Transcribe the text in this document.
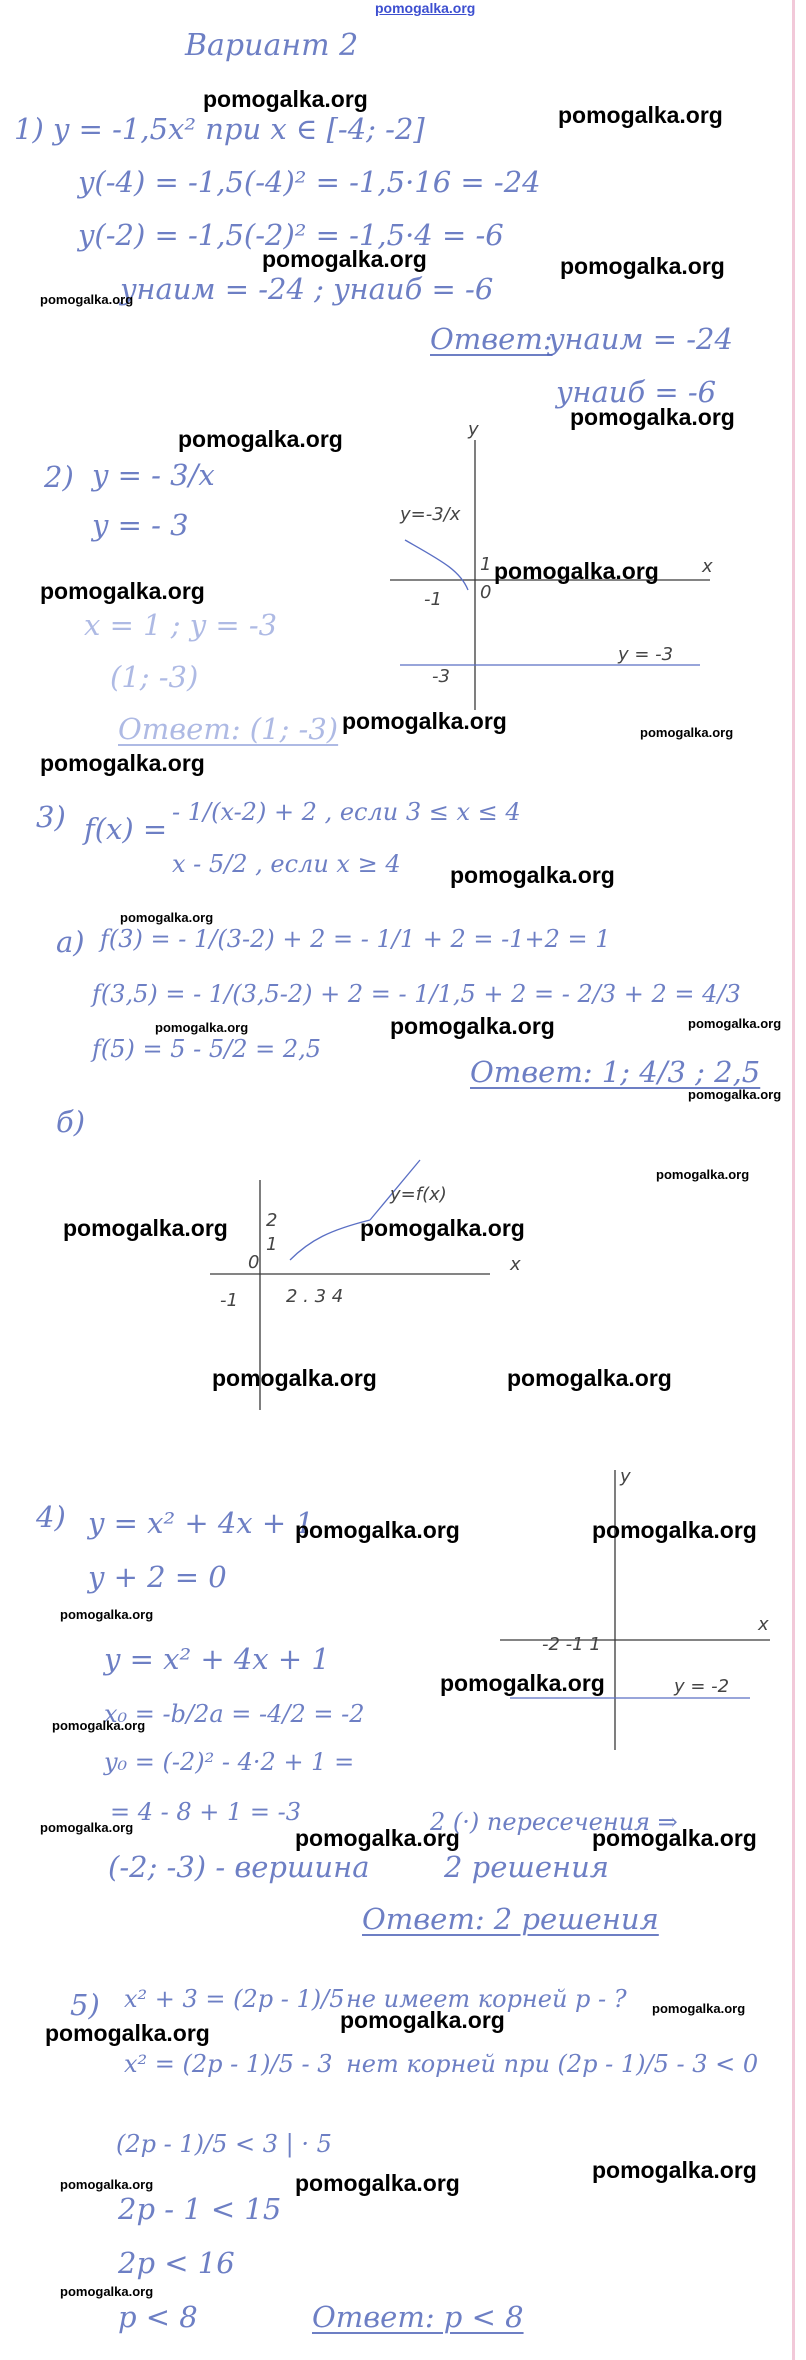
pomogalka.org
Вариант 2
1) y = -1,5x² при x ∈ [-4; -2]
y(-4) = -1,5(-4)² = -1,5·16 = -24
y(-2) = -1,5(-2)² = -1,5·4 = -6
yнаим = -24 ; yнаиб = -6
Ответ:
yнаим = -24
yнаиб = -6
2) y = - 3/x
y = - 3
x = 1 ; y = -3
(1; -3)
Ответ: (1; -3)
y
x
y=-3/x
y = -3
1
-1
-3
0
3) f(x) = - 1/(x-2) + 2 , если 3 ≤ x ≤ 4
x - 5/2 , если x ≥ 4
а) f(3) = - 1/(3-2) + 2 = - 1/1 + 2 = -1+2 = 1
f(3,5) = - 1/(3,5-2) + 2 = - 1/1,5 + 2 = - 2/3 + 2 = 4/3
f(5) = 5 - 5/2 = 2,5
Ответ: 1; 4/3 ; 2,5
б)
y=f(x)
x
2 . 3 4
2
1
0
-1
4) y = x² + 4x + 1
y + 2 = 0
y = x² + 4x + 1
x₀ = -b/2a = -4/2 = -2
y₀ = (-2)² - 4·2 + 1 =
= 4 - 8 + 1 = -3
(-2; -3) - вершина
2 (·) пересечения ⇒
2 решения
Ответ: 2 решения
y
x
y = -2
-2 -1 1
5) x² + 3 = (2p - 1)/5 не имеет корней p - ?
x² = (2p - 1)/5 - 3 нет корней при (2p - 1)/5 - 3 < 0
(2p - 1)/5 < 3 | · 5
2p - 1 < 15
2p < 16
p < 8	Ответ: p < 8
pomogalka.org
pomogalka.org
pomogalka.org	pomogalka.org
pomogalka.org
pomogalka.org
pomogalka.org
pomogalka.org
pomogalka.org
pomogalka.org	pomogalka.org
pomogalka.org
pomogalka.org
pomogalka.org
pomogalka.org
pomogalka.org	pomogalka.org
pomogalka.org
pomogalka.org
pomogalka.org	pomogalka.org
pomogalka.org	pomogalka.org
pomogalka.org	pomogalka.org
pomogalka.org
pomogalka.org
pomogalka.org
pomogalka.org	pomogalka.org	pomogalka.org
pomogalka.org
pomogalka.org
pomogalka.org
pomogalka.org
pomogalka.org
pomogalka.org
pomogalka.org
